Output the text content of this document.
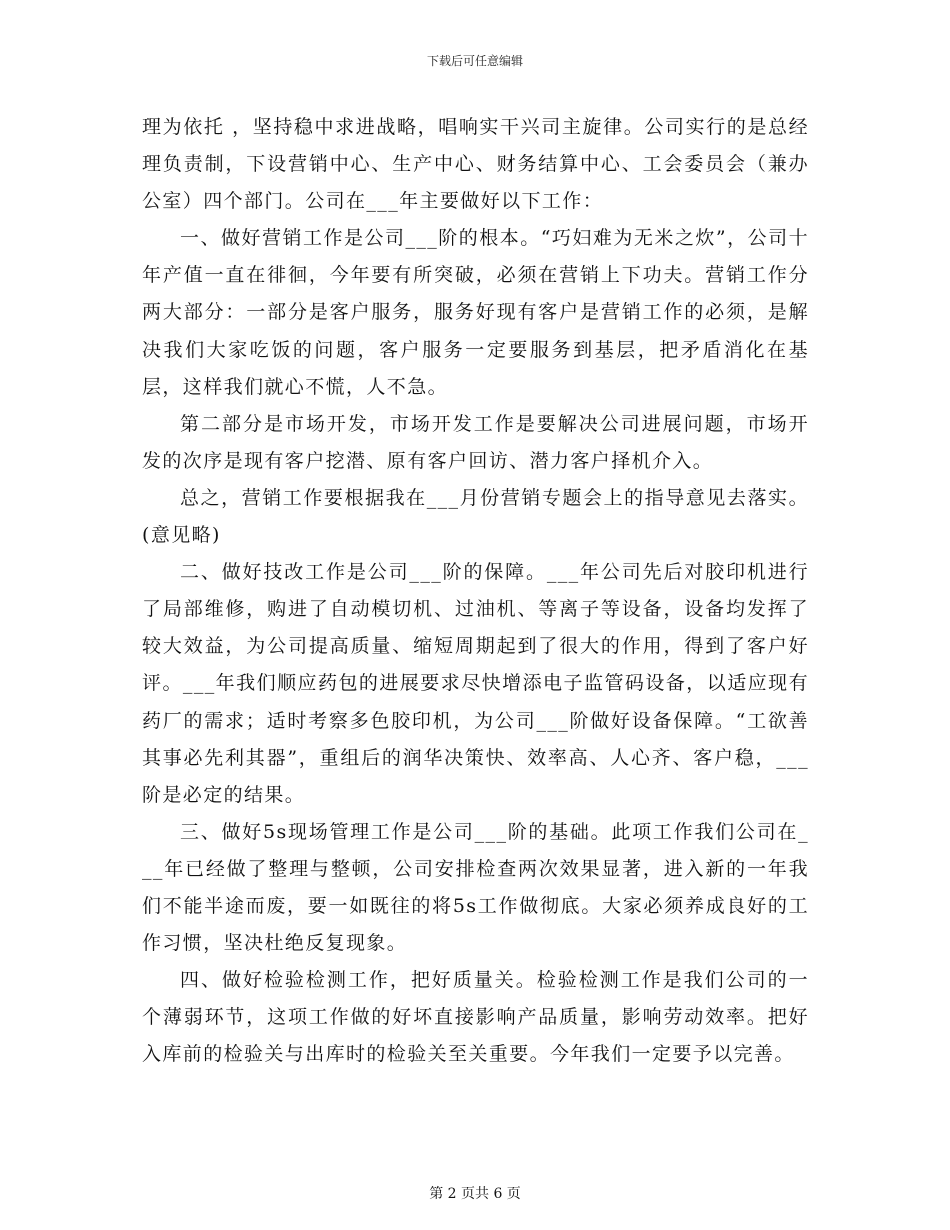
下载后可任意编辑

理为依托 ，坚持稳中求进战略，唱响实干兴司主旋律。公司实行的是总经理负责制，下设营销中心、生产中心、财务结算中心、工会委员会（兼办公室）四个部门。公司在___年主要做好以下工作：

一、做好营销工作是公司___阶的根本。“巧妇难为无米之炊”，公司十年产值一直在徘徊，今年要有所突破，必须在营销上下功夫。营销工作分两大部分：一部分是客户服务，服务好现有客户是营销工作的必须，是解决我们大家吃饭的问题，客户服务一定要服务到基层，把矛盾消化在基层，这样我们就心不慌，人不急。

第二部分是市场开发，市场开发工作是要解决公司进展问题，市场开发的次序是现有客户挖潜、原有客户回访、潜力客户择机介入。

总之，营销工作要根据我在___月份营销专题会上的指导意见去落实。(意见略)

二、做好技改工作是公司___阶的保障。___年公司先后对胶印机进行了局部维修，购进了自动模切机、过油机、等离子等设备，设备均发挥了较大效益，为公司提高质量、缩短周期起到了很大的作用，得到了客户好评。___年我们顺应药包的进展要求尽快增添电子监管码设备，以适应现有药厂的需求；适时考察多色胶印机，为公司___阶做好设备保障。“工欲善其事必先利其器”，重组后的润华决策快、效率高、人心齐、客户稳，___阶是必定的结果。

三、做好5s现场管理工作是公司___阶的基础。此项工作我们公司在___年已经做了整理与整顿，公司安排检查两次效果显著，进入新的一年我们不能半途而废，要一如既往的将5s工作做彻底。大家必须养成良好的工作习惯，坚决杜绝反复现象。

四、做好检验检测工作，把好质量关。检验检测工作是我们公司的一个薄弱环节，这项工作做的好坏直接影响产品质量，影响劳动效率。把好入库前的检验关与出库时的检验关至关重要。今年我们一定要予以完善。

第 2 页共 6 页
